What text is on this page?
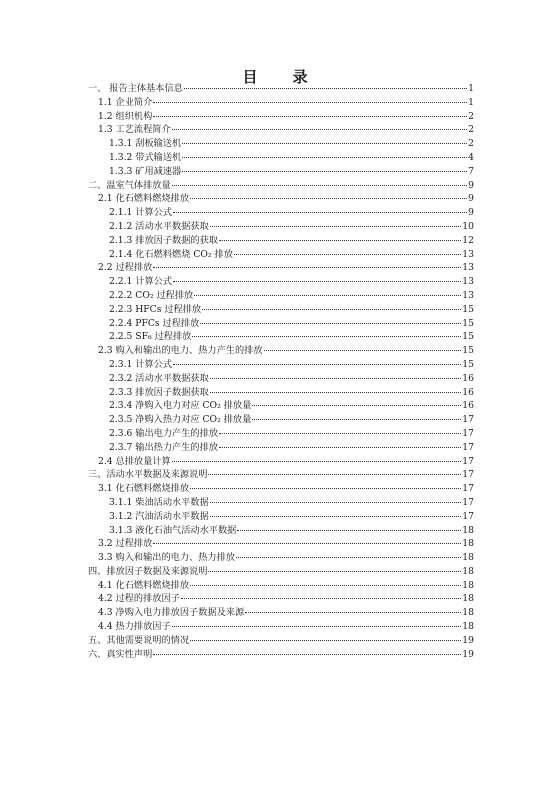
目　录
一、 报告主体基本信息	1
1.1 企业简介	1
1.2 组织机构	2
1.3 工艺流程简介	2
1.3.1 刮板输送机	2
1.3.2 带式输送机	4
1.3.3 矿用减速器	7
二、温室气体排放量	9
2.1 化石燃料燃烧排放	9
2.1.1 计算公式	9
2.1.2 活动水平数据获取	10
2.1.3 排放因子数据的获取	12
2.1.4 化石燃料燃烧 CO₂ 排放	13
2.2 过程排放	13
2.2.1 计算公式	13
2.2.2 CO₂ 过程排放	13
2.2.3 HFCs 过程排放	15
2.2.4 PFCs 过程排放	15
2.2.5 SF₆ 过程排放	15
2.3 购入和输出的电力、热力产生的排放	15
2.3.1 计算公式	15
2.3.2 活动水平数据获取	16
2.3.3 排放因子数据获取	16
2.3.4 净购入电力对应 CO₂ 排放量	16
2.3.5 净购入热力对应 CO₂ 排放量	17
2.3.6 输出电力产生的排放	17
2.3.7 输出热力产生的排放	17
2.4 总排放量计算	17
三、活动水平数据及来源说明	17
3.1 化石燃料燃烧排放	17
3.1.1 柴油活动水平数据	17
3.1.2 汽油活动水平数据	17
3.1.3 液化石油气活动水平数据	18
3.2 过程排放	18
3.3 购入和输出的电力、热力排放	18
四、排放因子数据及来源说明	18
4.1 化石燃料燃烧排放	18
4.2 过程的排放因子	18
4.3 净购入电力排放因子数据及来源	18
4.4 热力排放因子	18
五、其他需要说明的情况	19
六、真实性声明	19
